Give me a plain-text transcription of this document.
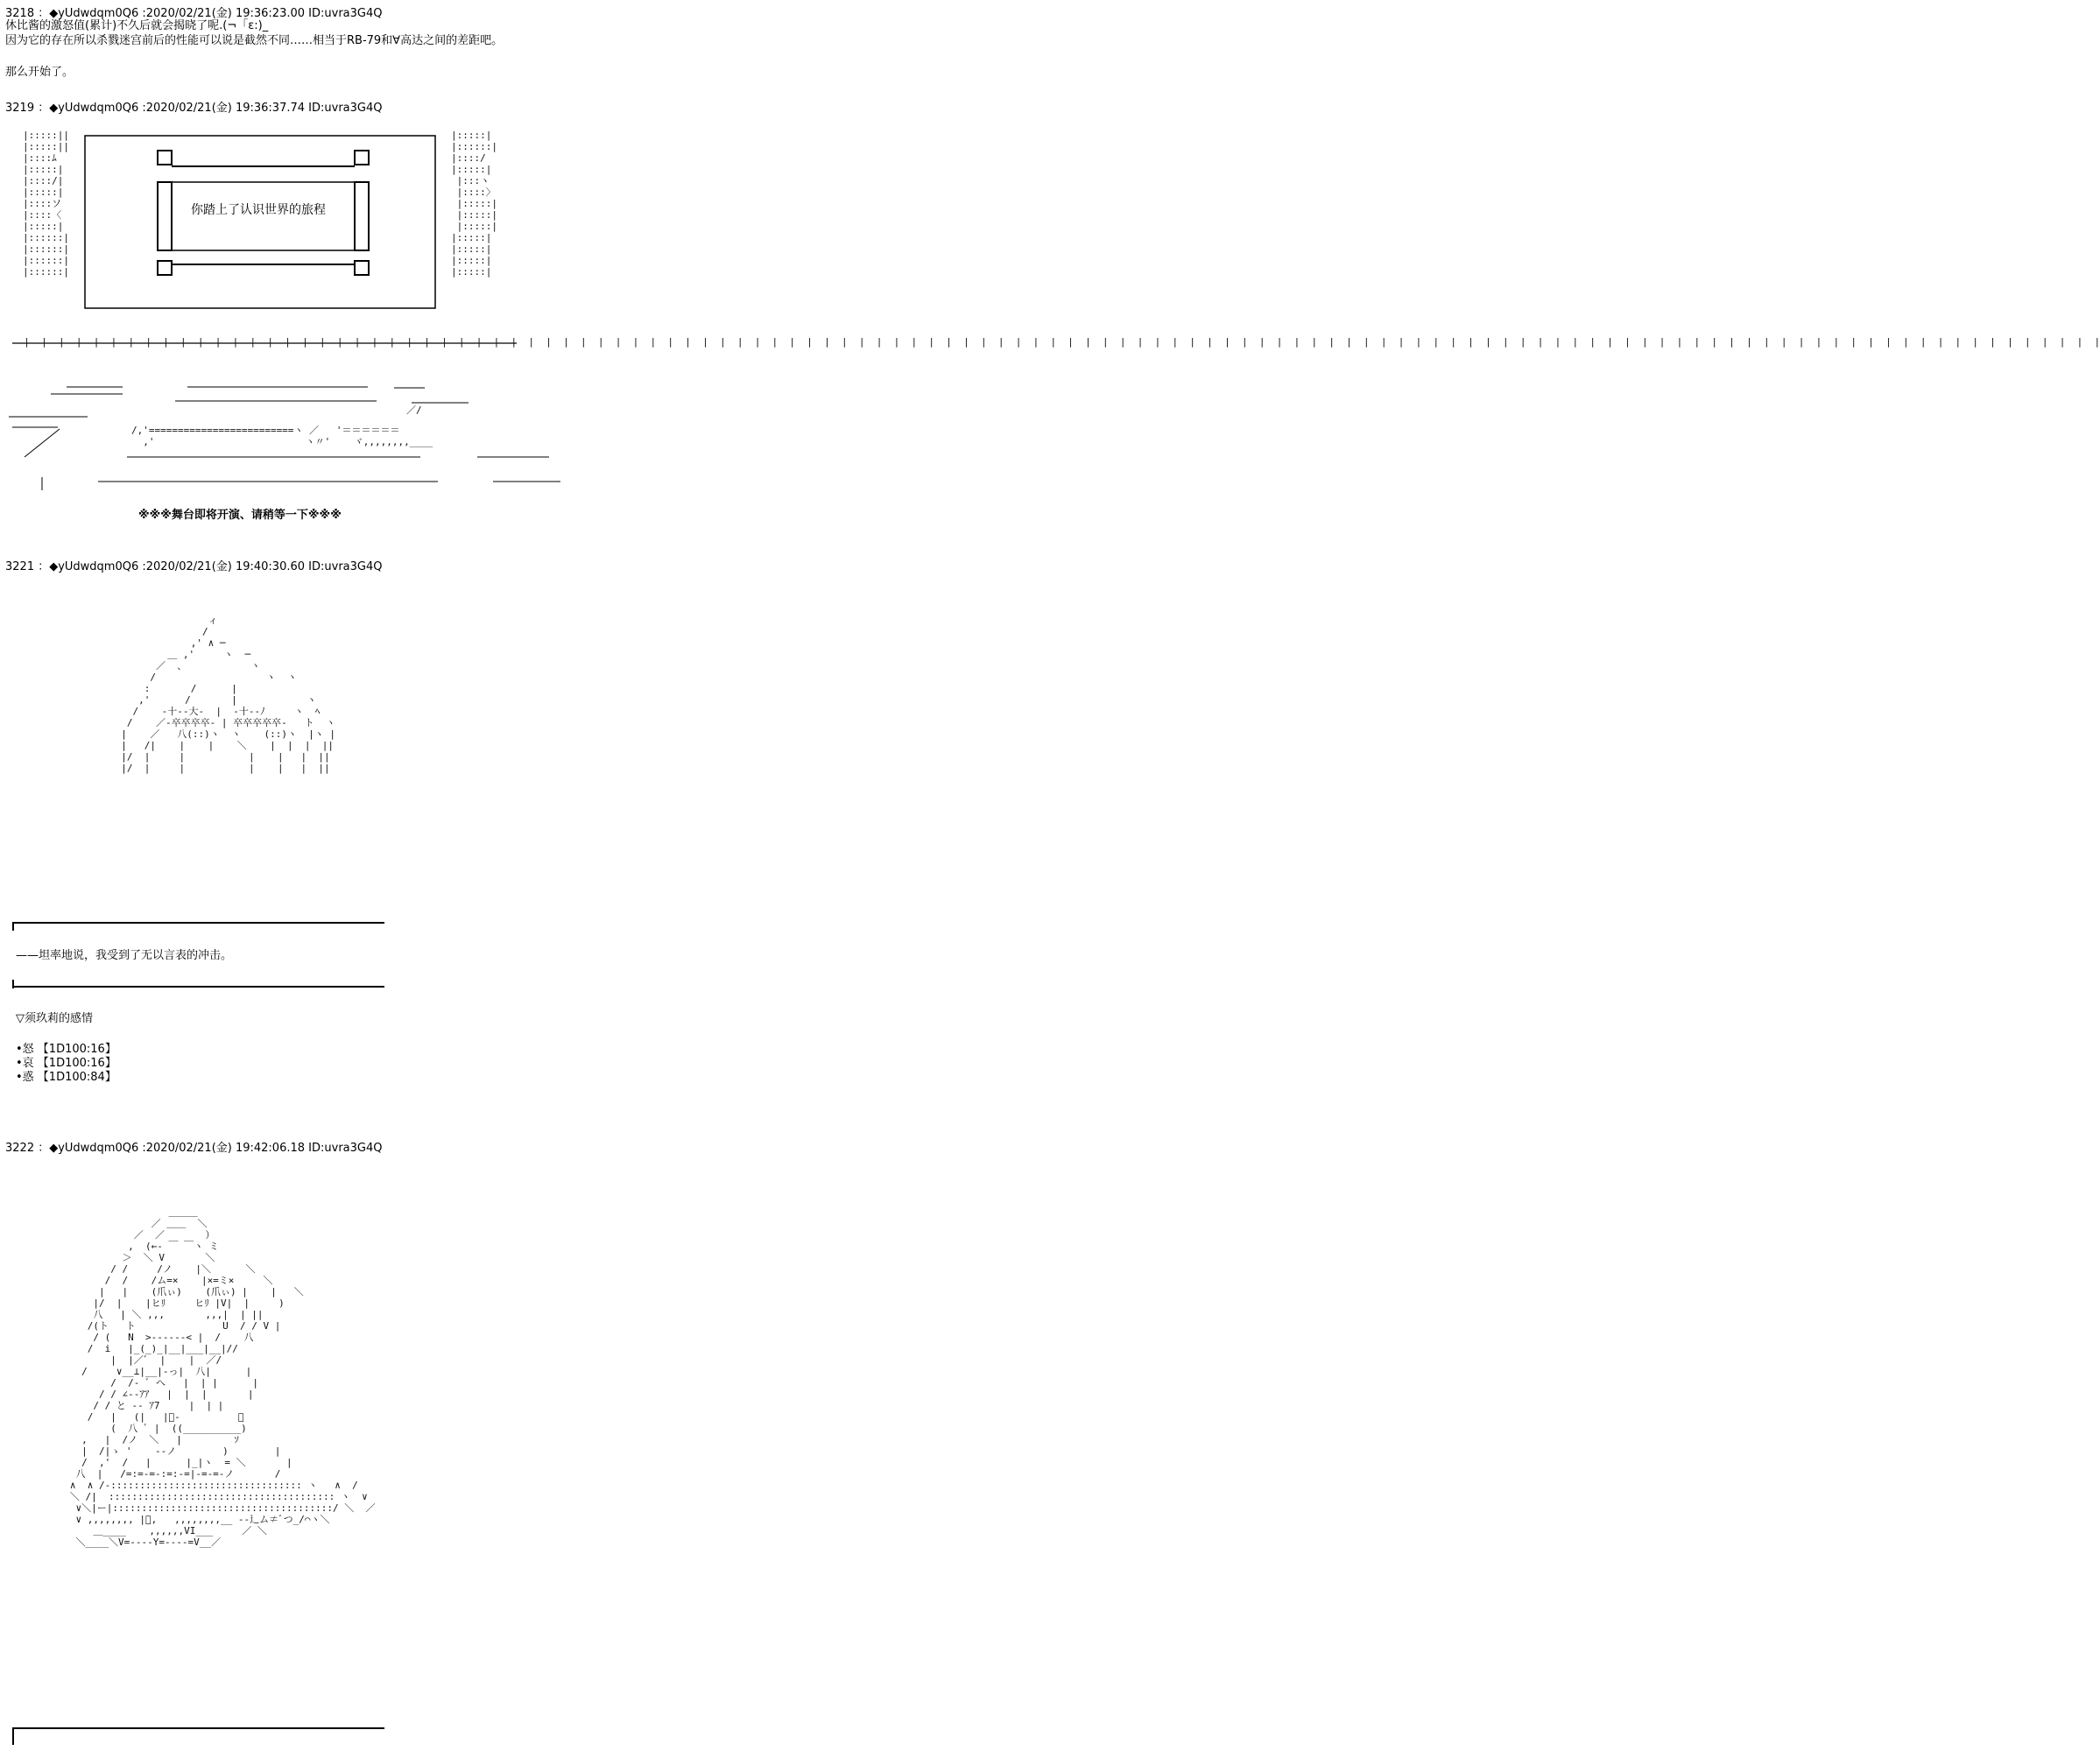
3218 ：◆yUdwdqm0Q6 :2020/02/21(金) 19:36:23.00 ID:uvra3G4Q
休比酱的激怒值(累计)不久后就会揭晓了呢.(¬「ε:)_
因为它的存在所以杀戮迷宫前后的性能可以说是截然不同……相当于RB-79和∀高达之间的差距吧。
那么开始了。
3219 ：◆yUdwdqm0Q6 :2020/02/21(金) 19:36:37.74 ID:uvra3G4Q
|:::::||
|:::::||
|::::ﾑ
|:::::|
|::::/|
|:::::|
|::::ソ
|::::〈
|:::::|
|::::::|
|::::::|
|::::::|
|::::::|
|:::::|
|::::::|
|::::/
|:::::|
|:::ヽ
|::::〉
|:::::|
|:::::|
|:::::|
|:::::|
|:::::|
|:::::|
|:::::|
你踏上了认识世界的旅程
|  |  |  |  |  |  |  |  |  |  |  |  |  |  |  |  |  |  |  |  |  |  |  |  |  |  |  |  |  |  |  |  |  |  |  |  |  |  |  |  |  |  |  |  |  |  |  |  |  |  |  |  |  |  |  |  |  |  |  |  |  |  |  |  |  |  |  |  |  |  |  |  |  |  |  |  |  |  |  |  |  |  |  |  |  |  |  |  |  |  |  |  |  |  |  |  |  |  |  |  |  |  |  |  |  |  |  |  |  |  |  |  |  |  |  |  |  |  |  |
/,'=========================ヽ ／   '＝＝＝＝＝＝
,'                          ヽ〃'    ヾ,,,,,,,,____
／/
※※※舞台即将开演、请稍等一下※※※
3221 ：◆yUdwdqm0Q6 :2020/02/21(金) 19:40:30.60 ID:uvra3G4Q
ィ
/
,' ∧ ─
＿ ,'     ヽ  ─
／  、           ヽ
/                   ヽ  ヽ
:       /      |
,'      /       |            ヽ
/    ‐十‐‐大‐  |  ‐十‐‐ﾉ     ヽ  ﾍ
/    ／‐卒卒卒卒‐ | 卒卒卒卒卒‐   ト  ヽ
|    ／   八(::)ヽ  ヽ    (::)ヽ  |ヽ |
|   /|    |    |    ＼    |  |  |  ||
|/  |     |           |    |   |  ||
|/  |     |           |    |   |  ||
——坦率地说，我受到了无以言表的冲击。
▽须玖莉的感情
•怒 【1D100:16】
•哀 【1D100:16】
•惑 【1D100:84】
3222 ：◆yUdwdqm0Q6 :2020/02/21(金) 19:42:06.18 ID:uvra3G4Q
＿＿＿
／ ＿＿  ＼
／  ／       ）
,  (←‐ ￣ ￣ヽ ミ
＞  ＼ V       ＼
/ /     /ノ    |＼      ＼
/  /    /ム=×    |×=ミ×     ＼
|   |    (爪ぃ)    (爪ぃ) |    |   ＼
|/  |    |ヒﾘ     ヒﾘ |V|  |     )
八   | ＼ ,,,       ,,,|  | ||
/(ト   ト               U  / / V |
/ (   N  >‐‐‐‐‐‐< |  /    八
/  i   |_(_)_|__|___|__|//
|  |／ﾞ  |    |  ／/
/     ∨__⊥|__|‐っ|  八|      |
/  /‐ ﾞ へ   |  | |      |
/ / ∠‐‐ｱｱ   |  |  |       |
/ / と ‐‐ ｱ7     |  | |
/   |   (|   |ﾞ‐          ＼
(  八 ﾞ |  ((__________)
,   |  /ノ  ＼   |         ｿ
|  /|ゝ '    ‐‐ノ        )        |
/  ,'  /   |      |_|ヽ  = ＼       |
八  |   /=:=‐=‐:=:‐=|‐=‐=‐ノ       /
∧  ∧ /‐::::::::::::::::::::::::::::::::: ヽ   ∧  /
＼ /|  ::::::::::::::::::::::::::::::::::::::: ヽ  ∨
∨＼|ー|::::::::::::::::::::::::::::::::::::::/ ＼  ／
∨ ,,,,,,,, |ﾞ,   ,,,,,,,,__ ‐‐辶ム≠ﾞつ_/⌒ヽ＼
＿____    ,,,,,,VI___     ／ ＼
＼____＼V=‐‐‐‐Y=‐‐‐‐=V__／
